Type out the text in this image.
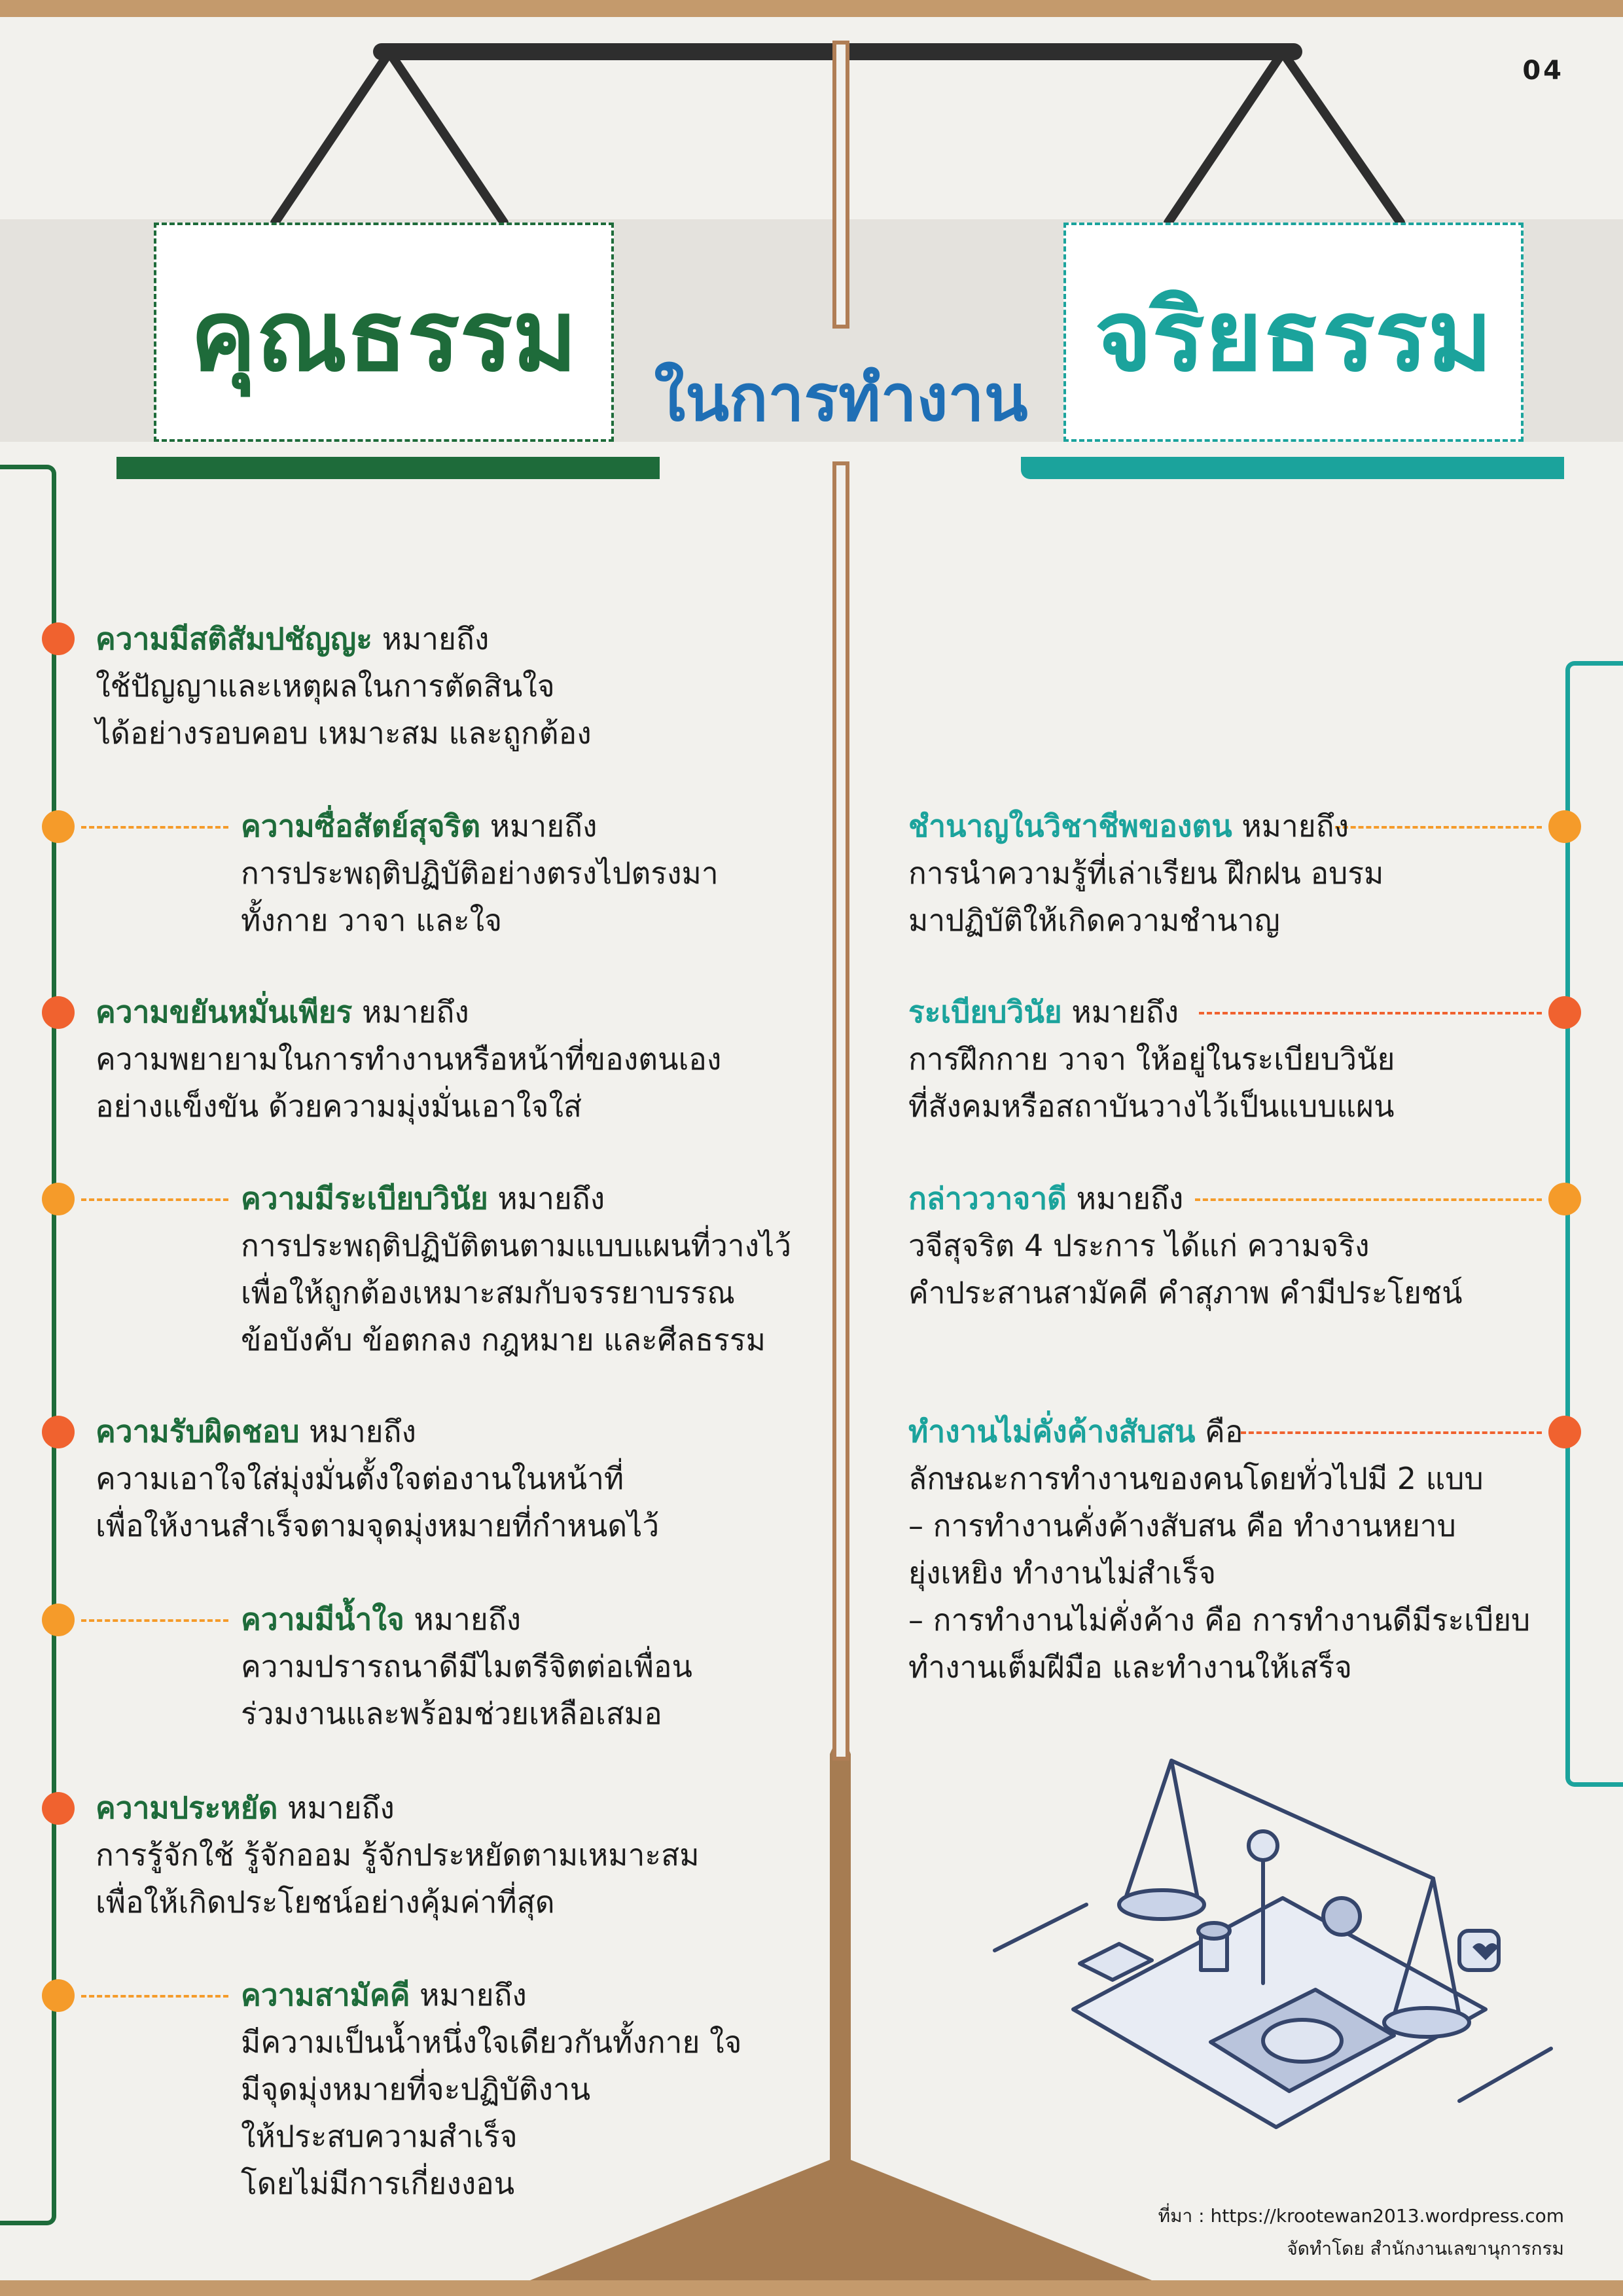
04
คุณธรรม	จริยธรรม
ในการทำงาน
ความมีสติสัมปชัญญะ หมายถึง
ใช้ปัญญาและเหตุผลในการตัดสินใจ
ได้อย่างรอบคอบ เหมาะสม และถูกต้อง
ความซื่อสัตย์สุจริต หมายถึง
การประพฤติปฏิบัติอย่างตรงไปตรงมา
ทั้งกาย วาจา และใจ
ความขยันหมั่นเพียร หมายถึง
ความพยายามในการทำงานหรือหน้าที่ของตนเอง
อย่างแข็งขัน ด้วยความมุ่งมั่นเอาใจใส่
ความมีระเบียบวินัย หมายถึง
การประพฤติปฏิบัติตนตามแบบแผนที่วางไว้
เพื่อให้ถูกต้องเหมาะสมกับจรรยาบรรณ
ข้อบังคับ ข้อตกลง กฎหมาย และศีลธรรม
ความรับผิดชอบ หมายถึง
ความเอาใจใส่มุ่งมั่นตั้งใจต่องานในหน้าที่
เพื่อให้งานสำเร็จตามจุดมุ่งหมายที่กำหนดไว้
ความมีน้ำใจ หมายถึง
ความปรารถนาดีมีไมตรีจิตต่อเพื่อน
ร่วมงานและพร้อมช่วยเหลือเสมอ
ความประหยัด หมายถึง
การรู้จักใช้ รู้จักออม รู้จักประหยัดตามเหมาะสม
เพื่อให้เกิดประโยชน์อย่างคุ้มค่าที่สุด
ความสามัคคี หมายถึง
มีความเป็นน้ำหนึ่งใจเดียวกันทั้งกาย ใจ
มีจุดมุ่งหมายที่จะปฏิบัติงาน
ให้ประสบความสำเร็จ
โดยไม่มีการเกี่ยงงอน
ชำนาญในวิชาชีพของตน หมายถึง
การนำความรู้ที่เล่าเรียน ฝึกฝน อบรม
มาปฏิบัติให้เกิดความชำนาญ
ระเบียบวินัย หมายถึง
การฝึกกาย วาจา ให้อยู่ในระเบียบวินัย
ที่สังคมหรือสถาบันวางไว้เป็นแบบแผน
กล่าววาจาดี หมายถึง
วจีสุจริต 4 ประการ ได้แก่ ความจริง
คำประสานสามัคคี คำสุภาพ คำมีประโยชน์
ทำงานไม่คั่งค้างสับสน คือ
ลักษณะการทำงานของคนโดยทั่วไปมี 2 แบบ
– การทำงานคั่งค้างสับสน คือ ทำงานหยาบ
ยุ่งเหยิง ทำงานไม่สำเร็จ
– การทำงานไม่คั่งค้าง คือ การทำงานดีมีระเบียบ
ทำงานเต็มฝีมือ และทำงานให้เสร็จ
ที่มา : https://krootewan2013.wordpress.com
จัดทำโดย สำนักงานเลขานุการกรม
